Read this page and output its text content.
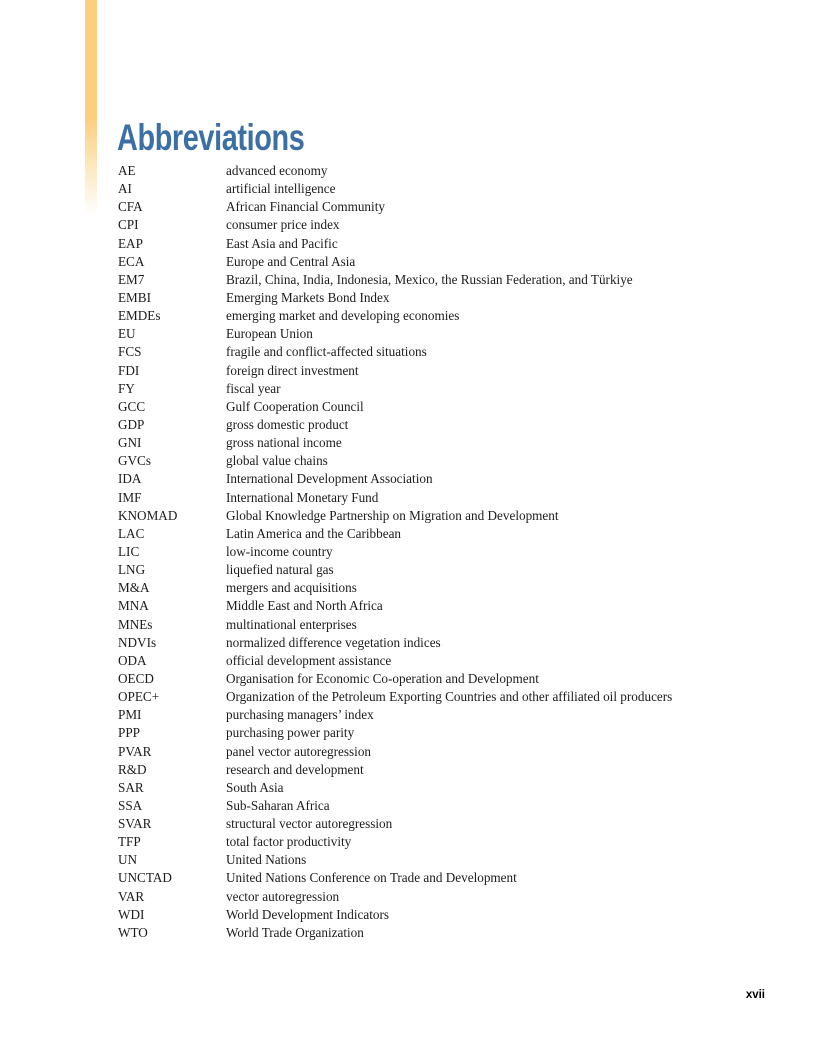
Abbreviations
AE	advanced economy
AI	artificial intelligence
CFA	African Financial Community
CPI	consumer price index
EAP	East Asia and Pacific
ECA	Europe and Central Asia
EM7	Brazil, China, India, Indonesia, Mexico, the Russian Federation, and Türkiye
EMBI	Emerging Markets Bond Index
EMDEs	emerging market and developing economies
EU	European Union
FCS	fragile and conflict-affected situations
FDI	foreign direct investment
FY	fiscal year
GCC	Gulf Cooperation Council
GDP	gross domestic product
GNI	gross national income
GVCs	global value chains
IDA	International Development Association
IMF	International Monetary Fund
KNOMAD	Global Knowledge Partnership on Migration and Development
LAC	Latin America and the Caribbean
LIC	low-income country
LNG	liquefied natural gas
M&A	mergers and acquisitions
MNA	Middle East and North Africa
MNEs	multinational enterprises
NDVIs	normalized difference vegetation indices
ODA	official development assistance
OECD	Organisation for Economic Co-operation and Development
OPEC+	Organization of the Petroleum Exporting Countries and other affiliated oil producers
PMI	purchasing managers’ index
PPP	purchasing power parity
PVAR	panel vector autoregression
R&D	research and development
SAR	South Asia
SSA	Sub-Saharan Africa
SVAR	structural vector autoregression
TFP	total factor productivity
UN	United Nations
UNCTAD	United Nations Conference on Trade and Development
VAR	vector autoregression
WDI	World Development Indicators
WTO	World Trade Organization
xvii
